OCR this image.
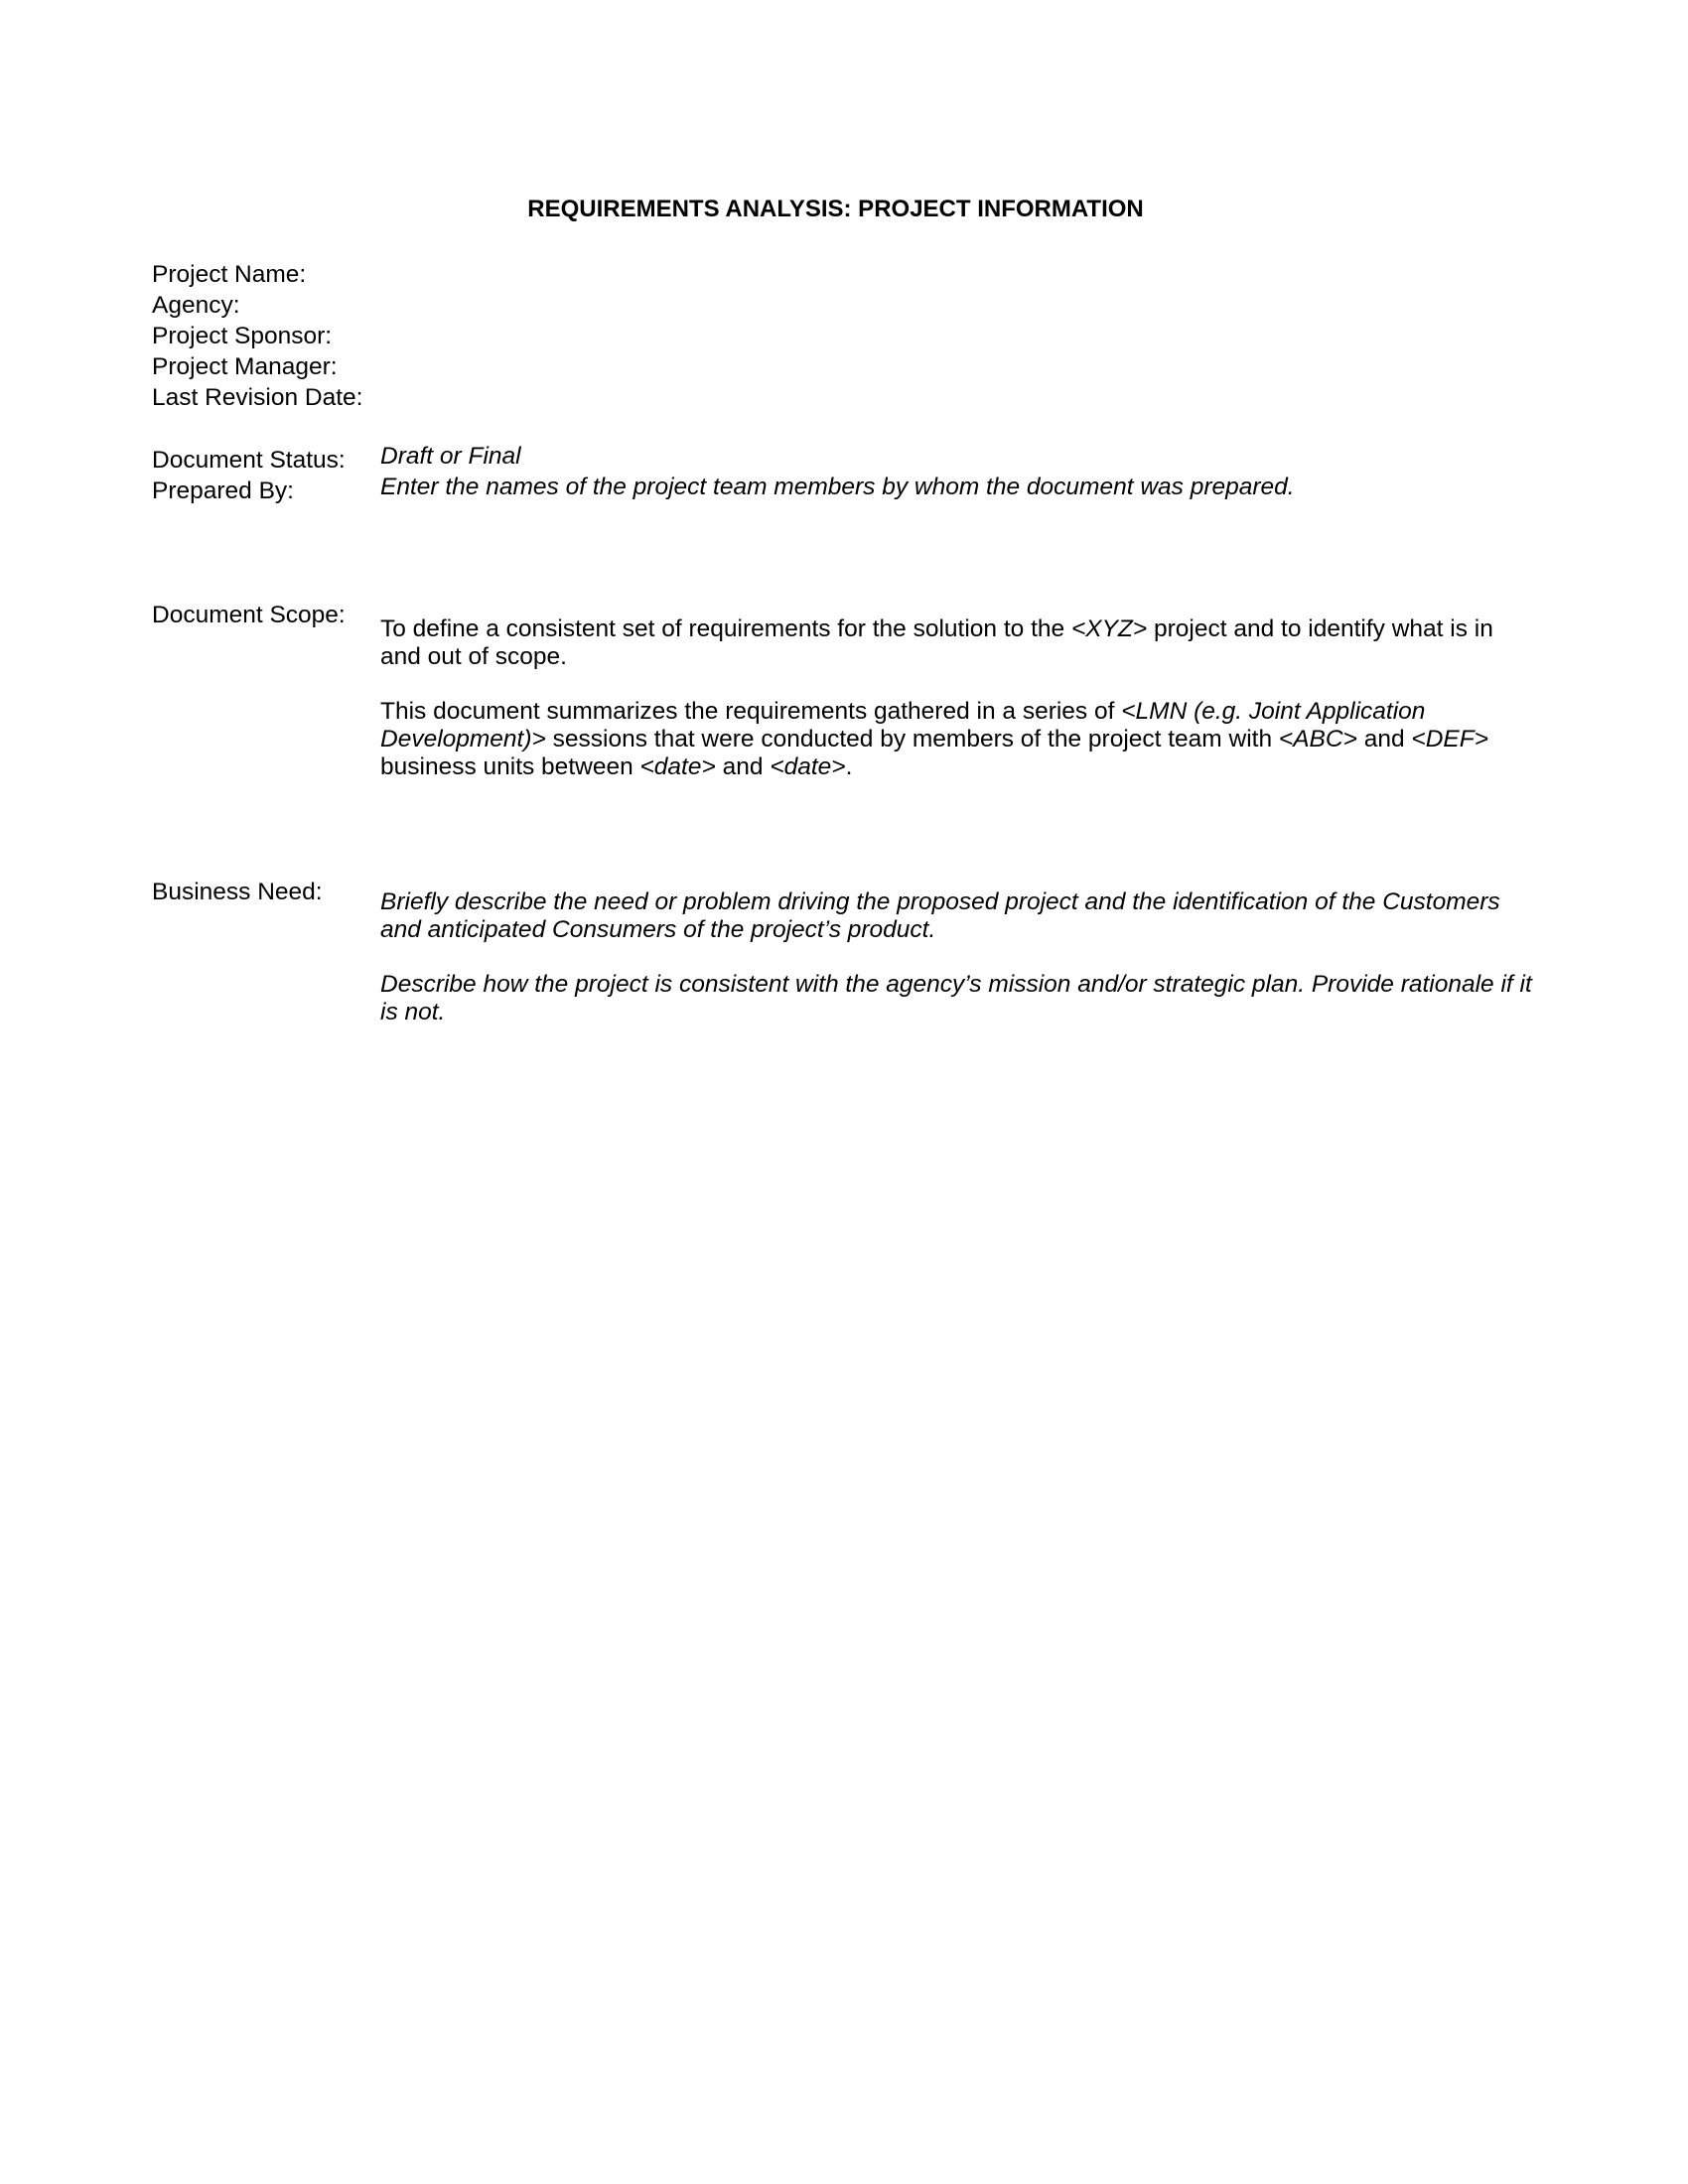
REQUIREMENTS ANALYSIS: PROJECT INFORMATION
Project Name:
Agency:
Project Sponsor:
Project Manager:
Last Revision Date:
Document Status: Draft or Final
Prepared By:	Enter the names of the project team members by whom the document was prepared.
Document Scope:
To define a consistent set of requirements for the solution to the <XYZ> project and to identify what is in and out of scope.
This document summarizes the requirements gathered in a series of <LMN (e.g. Joint Application Development)> sessions that were conducted by members of the project team with <ABC> and <DEF> business units between <date> and <date>.
Business Need: Briefly describe the need or problem driving the proposed project and the identification of the Customers and anticipated Consumers of the project’s product.
Describe how the project is consistent with the agency’s mission and/or strategic plan. Provide rationale if it is not.
